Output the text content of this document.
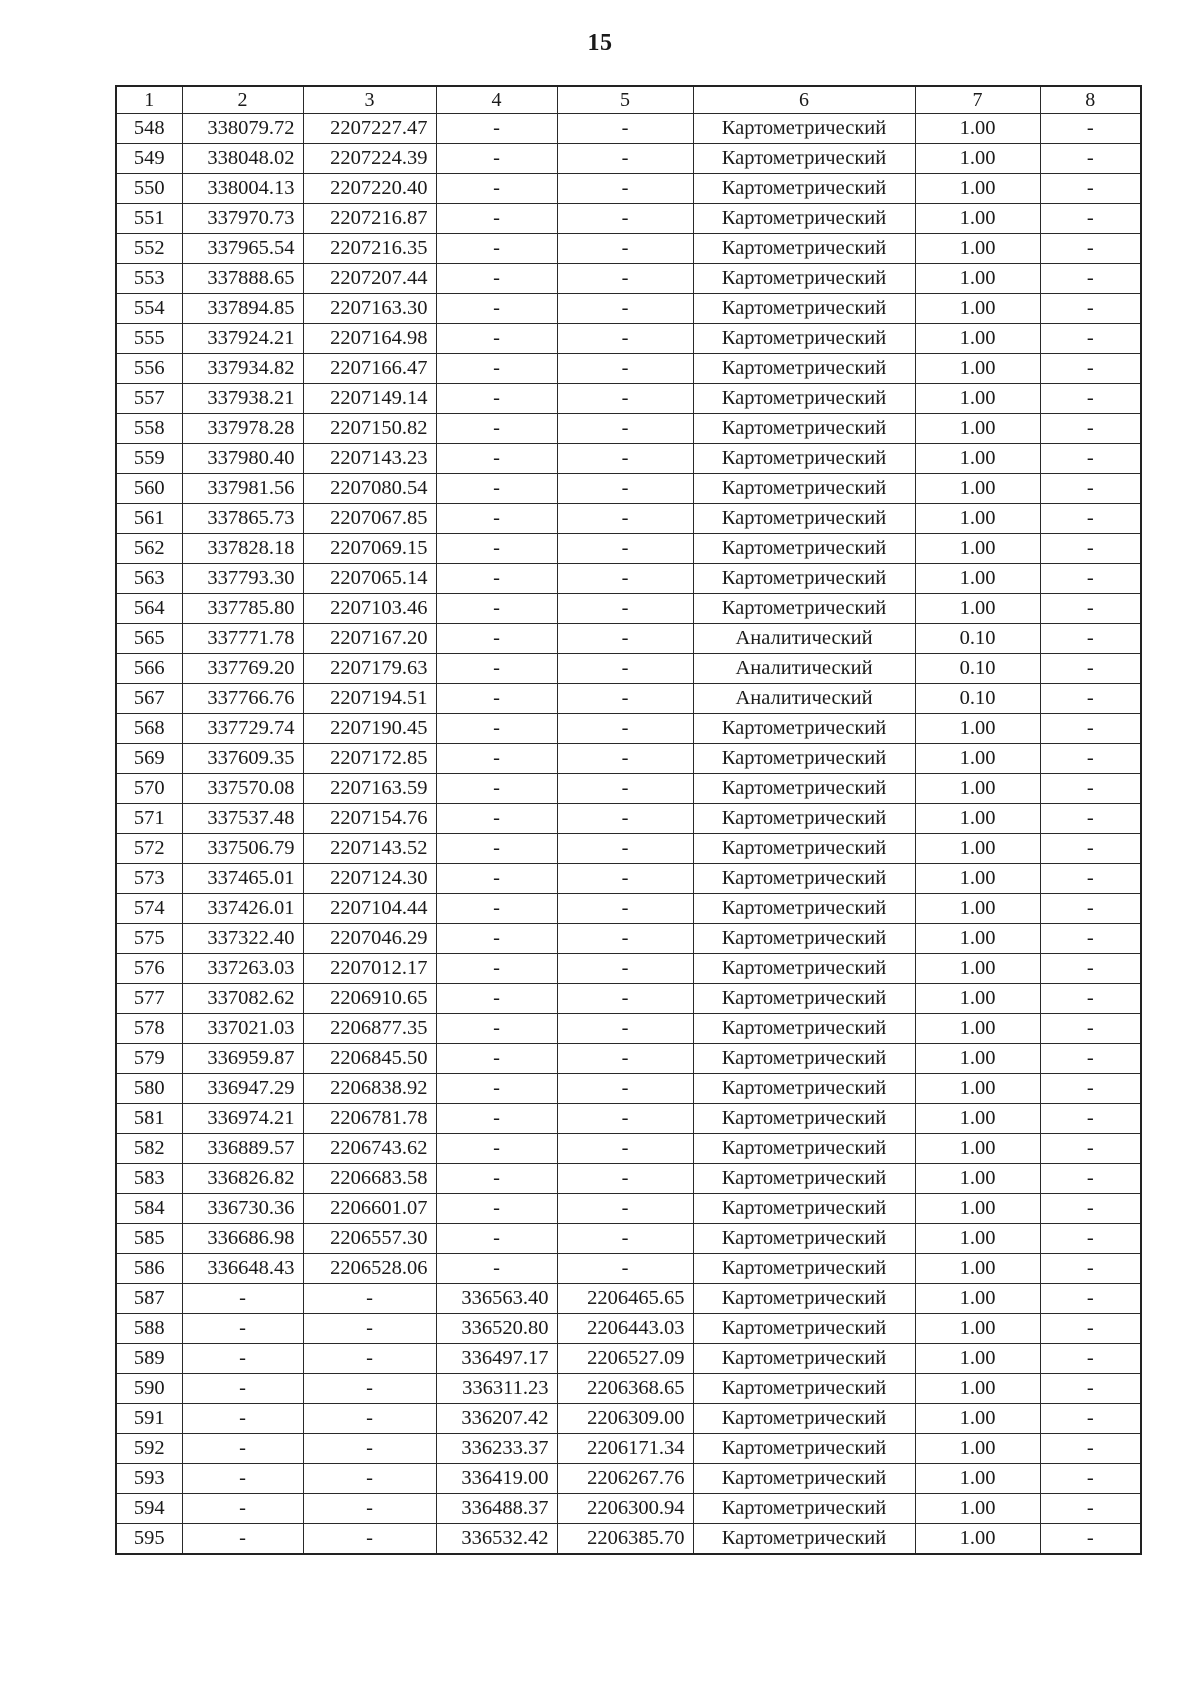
15
1	2	3	4	5	6	7	8
548	338079.72	2207227.47	-	-	Картометрический	1.00	-
549	338048.02	2207224.39	-	-	Картометрический	1.00	-
550	338004.13	2207220.40	-	-	Картометрический	1.00	-
551	337970.73	2207216.87	-	-	Картометрический	1.00	-
552	337965.54	2207216.35	-	-	Картометрический	1.00	-
553	337888.65	2207207.44	-	-	Картометрический	1.00	-
554	337894.85	2207163.30	-	-	Картометрический	1.00	-
555	337924.21	2207164.98	-	-	Картометрический	1.00	-
556	337934.82	2207166.47	-	-	Картометрический	1.00	-
557	337938.21	2207149.14	-	-	Картометрический	1.00	-
558	337978.28	2207150.82	-	-	Картометрический	1.00	-
559	337980.40	2207143.23	-	-	Картометрический	1.00	-
560	337981.56	2207080.54	-	-	Картометрический	1.00	-
561	337865.73	2207067.85	-	-	Картометрический	1.00	-
562	337828.18	2207069.15	-	-	Картометрический	1.00	-
563	337793.30	2207065.14	-	-	Картометрический	1.00	-
564	337785.80	2207103.46	-	-	Картометрический	1.00	-
565	337771.78	2207167.20	-	-	Аналитический	0.10	-
566	337769.20	2207179.63	-	-	Аналитический	0.10	-
567	337766.76	2207194.51	-	-	Аналитический	0.10	-
568	337729.74	2207190.45	-	-	Картометрический	1.00	-
569	337609.35	2207172.85	-	-	Картометрический	1.00	-
570	337570.08	2207163.59	-	-	Картометрический	1.00	-
571	337537.48	2207154.76	-	-	Картометрический	1.00	-
572	337506.79	2207143.52	-	-	Картометрический	1.00	-
573	337465.01	2207124.30	-	-	Картометрический	1.00	-
574	337426.01	2207104.44	-	-	Картометрический	1.00	-
575	337322.40	2207046.29	-	-	Картометрический	1.00	-
576	337263.03	2207012.17	-	-	Картометрический	1.00	-
577	337082.62	2206910.65	-	-	Картометрический	1.00	-
578	337021.03	2206877.35	-	-	Картометрический	1.00	-
579	336959.87	2206845.50	-	-	Картометрический	1.00	-
580	336947.29	2206838.92	-	-	Картометрический	1.00	-
581	336974.21	2206781.78	-	-	Картометрический	1.00	-
582	336889.57	2206743.62	-	-	Картометрический	1.00	-
583	336826.82	2206683.58	-	-	Картометрический	1.00	-
584	336730.36	2206601.07	-	-	Картометрический	1.00	-
585	336686.98	2206557.30	-	-	Картометрический	1.00	-
586	336648.43	2206528.06	-	-	Картометрический	1.00	-
587	-	-	336563.40	2206465.65	Картометрический	1.00	-
588	-	-	336520.80	2206443.03	Картометрический	1.00	-
589	-	-	336497.17	2206527.09	Картометрический	1.00	-
590	-	-	336311.23	2206368.65	Картометрический	1.00	-
591	-	-	336207.42	2206309.00	Картометрический	1.00	-
592	-	-	336233.37	2206171.34	Картометрический	1.00	-
593	-	-	336419.00	2206267.76	Картометрический	1.00	-
594	-	-	336488.37	2206300.94	Картометрический	1.00	-
595	-	-	336532.42	2206385.70	Картометрический	1.00	-
